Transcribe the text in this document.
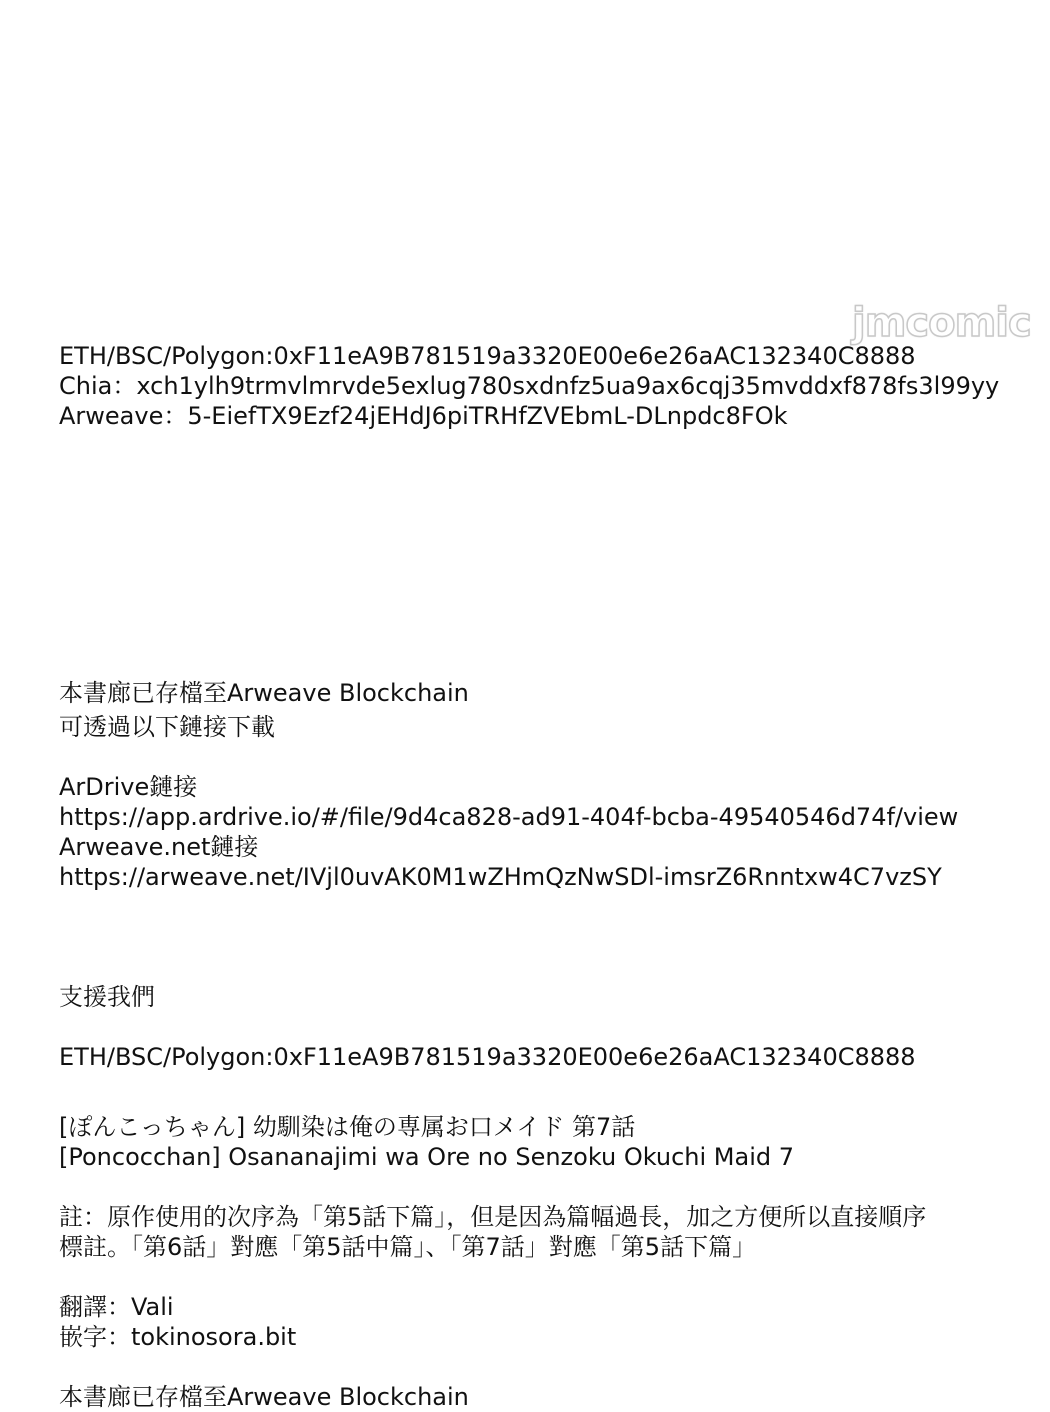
jmcomic

ETH/BSC/Polygon:0xF11eA9B781519a3320E00e6e26aAC132340C8888

Chia：xch1ylh9trmvlmrvde5exlug780sxdnfz5ua9ax6cqj35mvddxf878fs3l99yy

Arweave：5-EiefTX9Ezf24jEHdJ6piTRHfZVEbmL-DLnpdc8FOk

本書廊已存檔至Arweave Blockchain

可透過以下鏈接下載

ArDrive鏈接

https://app.ardrive.io/#/file/9d4ca828-ad91-404f-bcba-49540546d74f/view

Arweave.net鏈接

https://arweave.net/IVjl0uvAK0M1wZHmQzNwSDl-imsrZ6Rnntxw4C7vzSY

支援我們

ETH/BSC/Polygon:0xF11eA9B781519a3320E00e6e26aAC132340C8888

[ぽんこっちゃん] 幼馴染は俺の専属お口メイド 第7話

[Poncocchan] Osananajimi wa Ore no Senzoku Okuchi Maid 7

註：原作使用的次序為「第5話下篇」，但是因為篇幅過長，加之方便所以直接順序

標註。「第6話」對應「第5話中篇」、「第7話」對應「第5話下篇」

翻譯：Vali

嵌字：tokinosora.bit

本書廊已存檔至Arweave Blockchain
